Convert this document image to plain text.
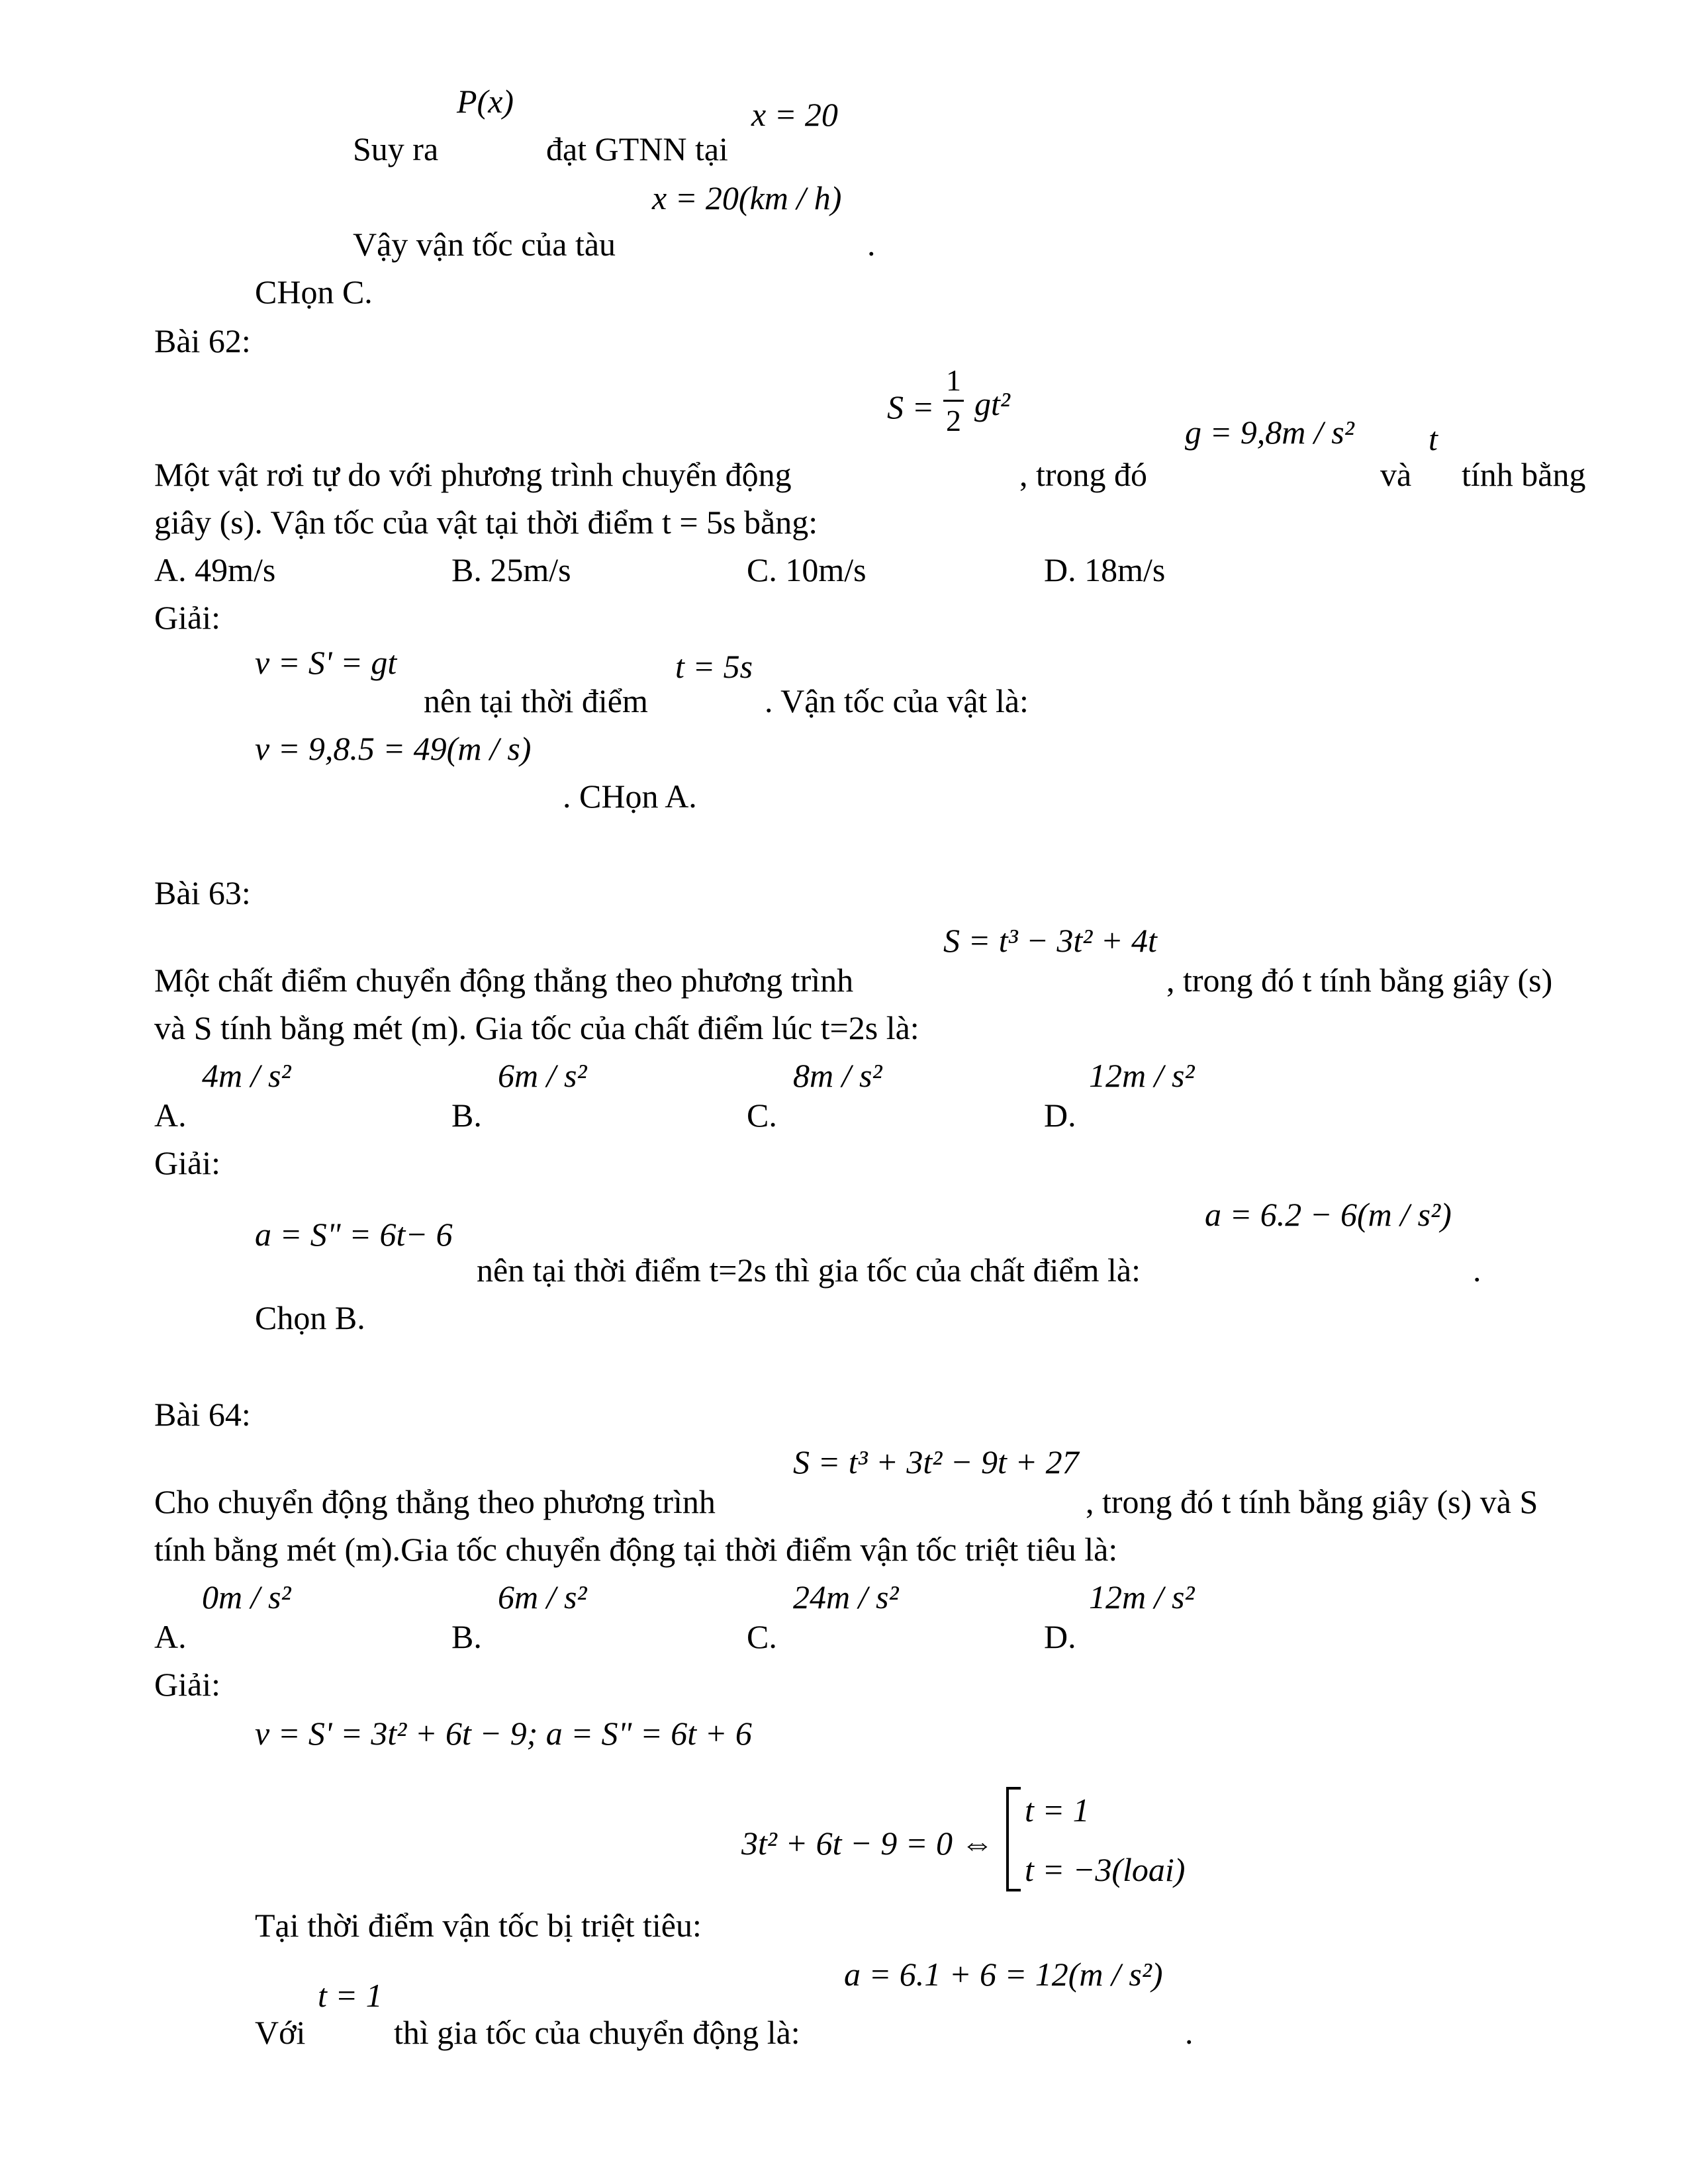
P(x)	x = 20
Suy ra	đạt GTNN tại
x = 20(km / h)
Vậy vận tốc của tàu	.
CHọn C.
Bài 62:
S =
1
2 gt²
g = 9,8m / s² t
Một vật rơi tự do với phương trình chuyển động	, trong đó	và tính bằng
giây (s). Vận tốc của vật tại thời điểm t = 5s bằng:
A. 49m/s	B. 25m/s	C. 10m/s	D. 18m/s
Giải:
v = S' = gt	t = 5s
nên tại thời điểm	. Vận tốc của vật là:
v = 9,8.5 = 49(m / s)
. CHọn A.
Bài 63:
S = t³ − 3t² + 4t
Một chất điểm chuyển động thẳng theo phương trình	, trong đó t tính bằng giây (s)
và S tính bằng mét (m). Gia tốc của chất điểm lúc t=2s là:
4m / s²	6m / s²	8m / s²	12m / s²
A.	B.	C.	D.
Giải:
a = 6.2 − 6(m / s²)
a = S" = 6t− 6
nên tại thời điểm t=2s thì gia tốc của chất điểm là:	.
Chọn B.
Bài 64:
S = t³ + 3t² − 9t + 27
Cho chuyển động thẳng theo phương trình	, trong đó t tính bằng giây (s) và S
tính bằng mét (m).Gia tốc chuyển động tại thời điểm vận tốc triệt tiêu là:
0m / s²	6m / s²	24m / s²	12m / s²
A.	B.	C.	D.
Giải:
v = S' = 3t² + 6t − 9; a = S" = 6t + 6
3t² + 6t − 9 = 0 ⇔
t = 1
t = −3(loai)
Tại thời điểm vận tốc bị triệt tiêu:
a = 6.1 + 6 = 12(m / s²)
t = 1
Với	thì gia tốc của chuyển động là:	.
